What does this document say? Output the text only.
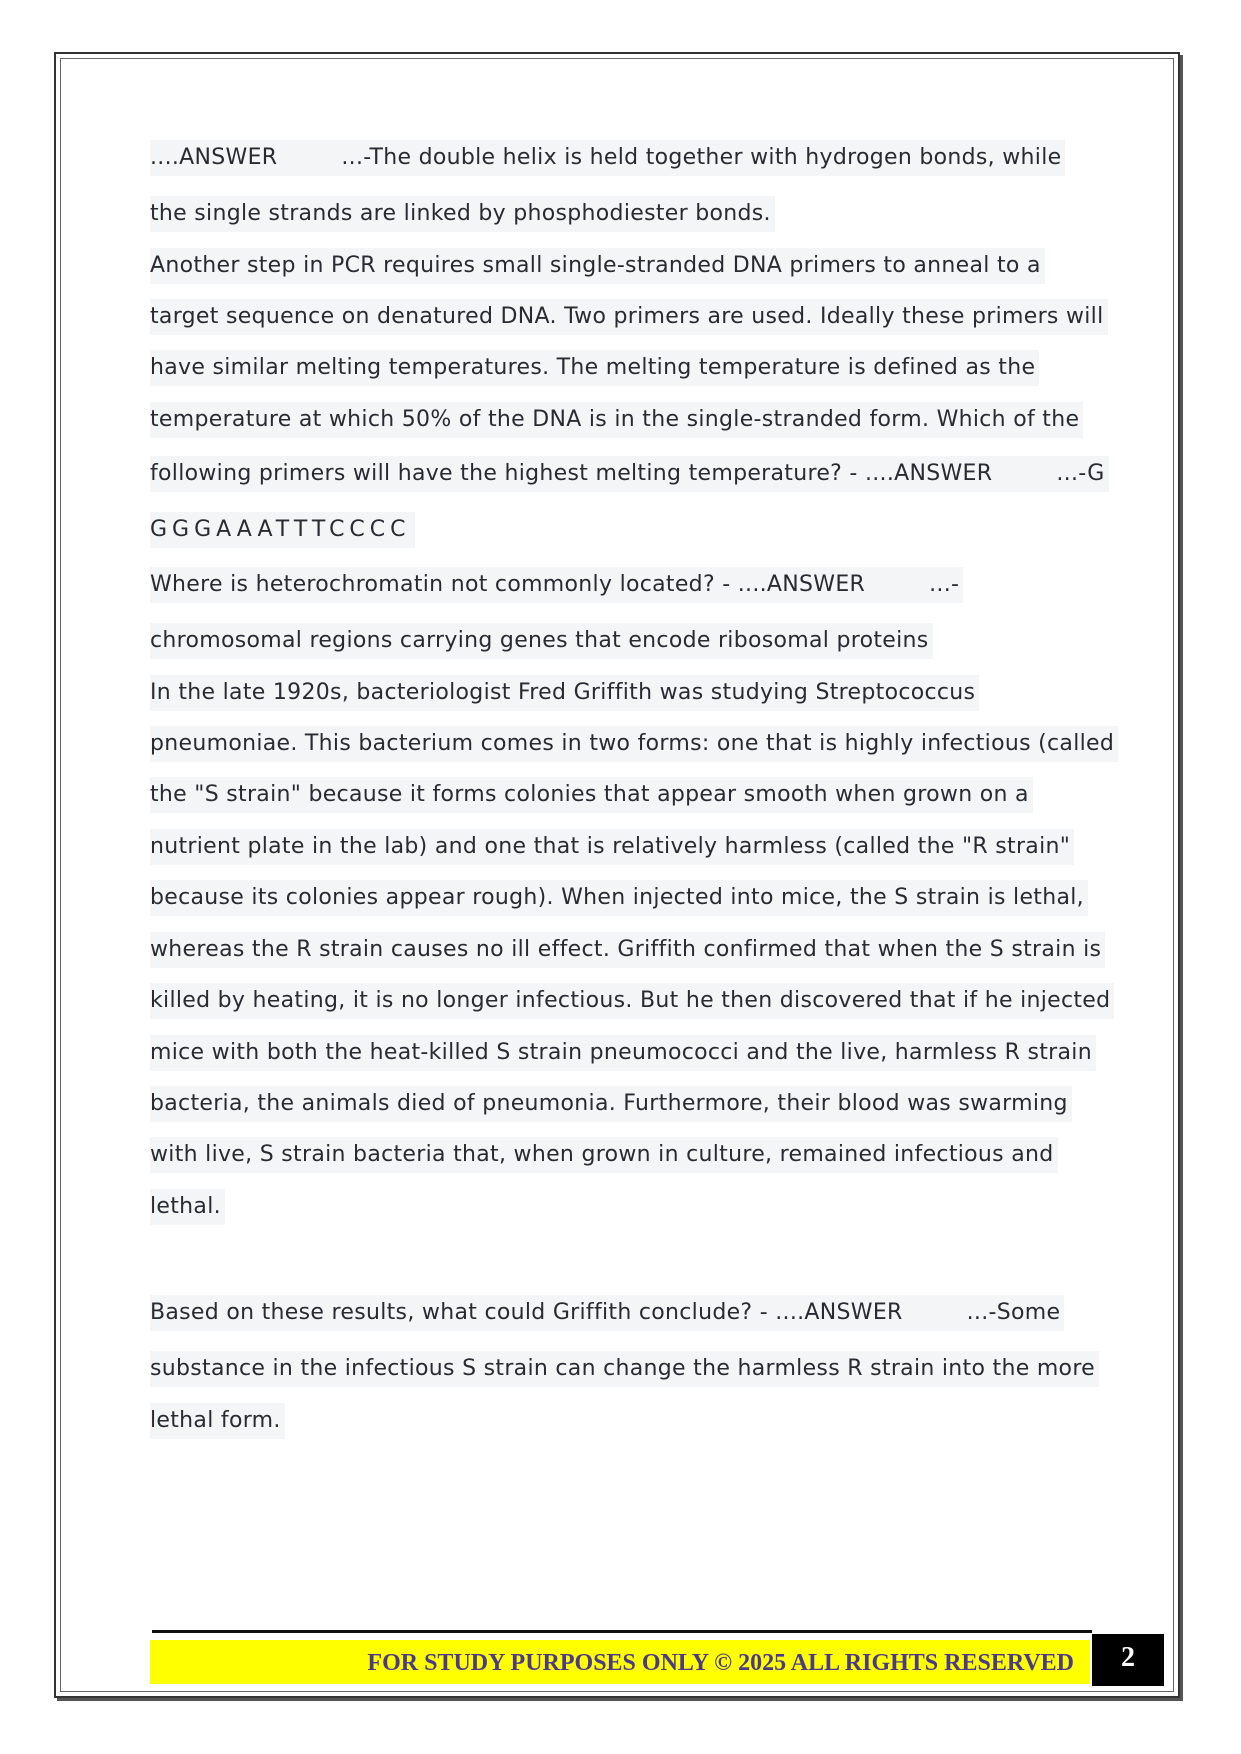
....ANSWER	...-The double helix is held together with hydrogen bonds, while
the single strands are linked by phosphodiester bonds.
Another step in PCR requires small single-stranded DNA primers to anneal to a
target sequence on denatured DNA. Two primers are used. Ideally these primers will
have similar melting temperatures. The melting temperature is defined as the
temperature at which 50% of the DNA is in the single-stranded form. Which of the
following primers will have the highest melting temperature? - ....ANSWER	...-G
GGGAAATTTCCCC
Where is heterochromatin not commonly located? - ....ANSWER	...-
chromosomal regions carrying genes that encode ribosomal proteins
In the late 1920s, bacteriologist Fred Griffith was studying Streptococcus
pneumoniae. This bacterium comes in two forms: one that is highly infectious (called
the "S strain" because it forms colonies that appear smooth when grown on a
nutrient plate in the lab) and one that is relatively harmless (called the "R strain"
because its colonies appear rough). When injected into mice, the S strain is lethal,
whereas the R strain causes no ill effect. Griffith confirmed that when the S strain is
killed by heating, it is no longer infectious. But he then discovered that if he injected
mice with both the heat-killed S strain pneumococci and the live, harmless R strain
bacteria, the animals died of pneumonia. Furthermore, their blood was swarming
with live, S strain bacteria that, when grown in culture, remained infectious and
lethal.
Based on these results, what could Griffith conclude? - ....ANSWER	...-Some
substance in the infectious S strain can change the harmless R strain into the more
lethal form.
FOR STUDY PURPOSES ONLY © 2025 ALL RIGHTS RESERVED	2
